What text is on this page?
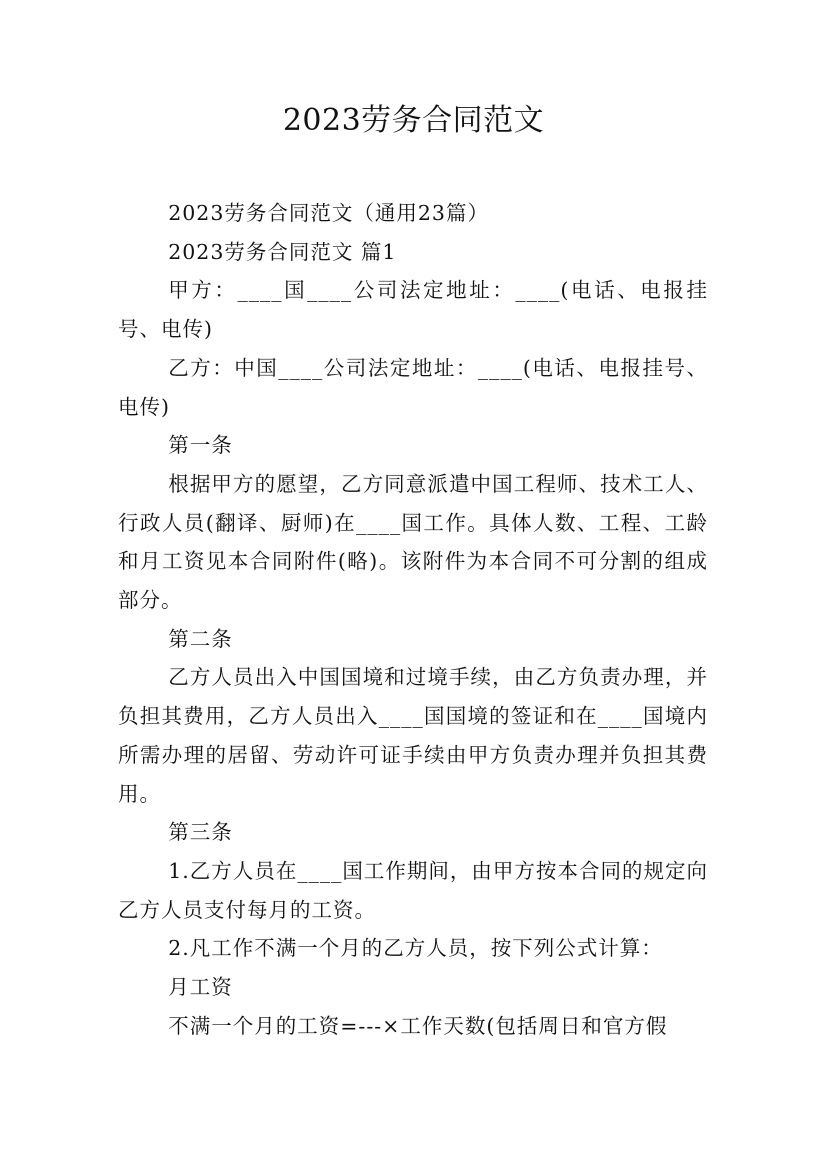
2023劳务合同范文

2023劳务合同范文（通用23篇）

2023劳务合同范文 篇1

甲方：____国____公司法定地址：____(电话、电报挂号、电传)

乙方：中国____公司法定地址：____(电话、电报挂号、电传)

第一条

根据甲方的愿望，乙方同意派遣中国工程师、技术工人、行政人员(翻译、厨师)在____国工作。具体人数、工程、工龄和月工资见本合同附件(略)。该附件为本合同不可分割的组成部分。

第二条

乙方人员出入中国国境和过境手续，由乙方负责办理，并负担其费用，乙方人员出入____国国境的签证和在____国境内所需办理的居留、劳动许可证手续由甲方负责办理并负担其费用。

第三条

1.乙方人员在____国工作期间，由甲方按本合同的规定向乙方人员支付每月的工资。

2.凡工作不满一个月的乙方人员，按下列公式计算：

月工资

不满一个月的工资=---×工作天数(包括周日和官方假
